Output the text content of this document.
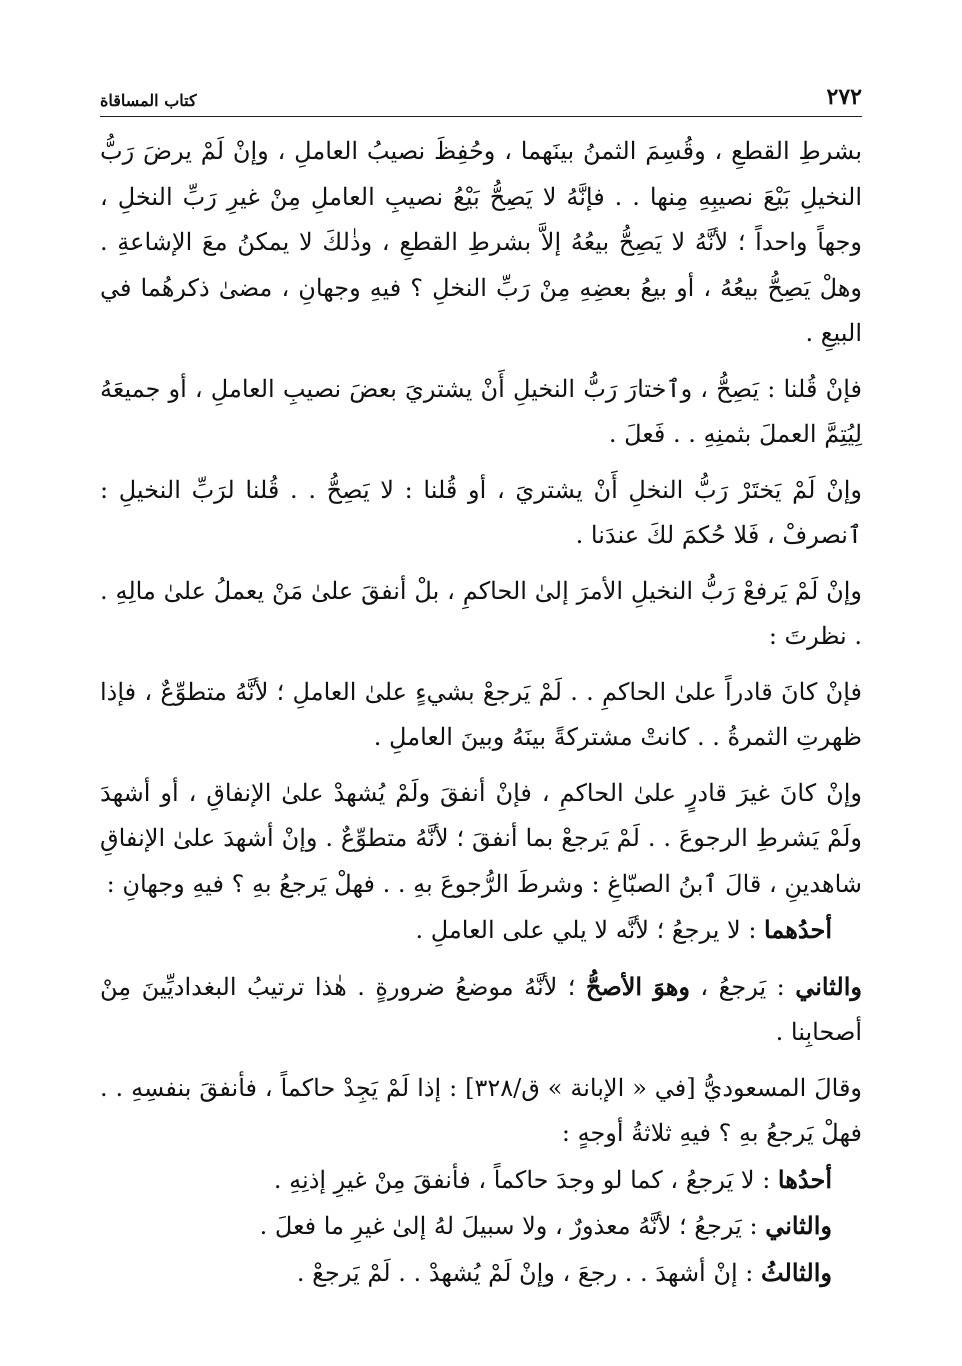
٢٧٢
كتاب المساقاة

بشرطِ القطعِ ، وقُسِمَ الثمنُ بينَهما ، وحُفِظَ نصيبُ العاملِ ، وإنْ لَمْ يرضَ رَبُّ النخيلِ بَيْعَ نصيبِهِ مِنها . . فإنَّهُ لا يَصِحُّ بَيْعُ نصيبِ العاملِ مِنْ غيرِ رَبِّ النخلِ ، وجهاً واحداً ؛ لأنَّهُ لا يَصِحُّ بيعُهُ إلاَّ بشرطِ القطعِ ، وذٰلكَ لا يمكنُ معَ الإشاعةِ . وهلْ يَصِحُّ بيعُهُ ، أو بيعُ بعضِهِ مِنْ رَبِّ النخلِ ؟ فيهِ وجهانِ ، مضىٰ ذكرهُما في البيعِ .

فإنْ قُلنا : يَصِحُّ ، وٱختارَ رَبُّ النخيلِ أَنْ يشتريَ بعضَ نصيبِ العاملِ ، أو جميعَهُ لِيُتِمَّ العملَ بثمنِهِ . . فَعلَ .

وإنْ لَمْ يَختَرْ رَبُّ النخلِ أَنْ يشتريَ ، أو قُلنا : لا يَصِحُّ . . قُلنا لرَبِّ النخيلِ : ٱنصرفْ ، فَلا حُكمَ لكَ عندَنا .

وإنْ لَمْ يَرفعْ رَبُّ النخيلِ الأمرَ إلىٰ الحاكمِ ، بلْ أنفقَ علىٰ مَنْ يعملُ علىٰ مالِهِ . . نظرتَ :

فإنْ كانَ قادراً علىٰ الحاكمِ . . لَمْ يَرجعْ بشيءٍ علىٰ العاملِ ؛ لأنَّهُ متطوِّعٌ ، فإذا ظهرتِ الثمرةُ . . كانتْ مشتركةً بينَهُ وبينَ العاملِ .

وإنْ كانَ غيرَ قادرٍ علىٰ الحاكمِ ، فإنْ أنفقَ ولَمْ يُشهدْ علىٰ الإنفاقِ ، أو أشهدَ ولَمْ يَشرطِ الرجوعَ . . لَمْ يَرجعْ بما أنفقَ ؛ لأنَّهُ متطوِّعٌ . وإنْ أشهدَ علىٰ الإنفاقِ شاهدينِ ، قالَ ٱبنُ الصبّاغِ : وشرطَ الرُّجوعَ بهِ . . فهلْ يَرجعُ بهِ ؟ فيهِ وجهانِ :

أحدُهما : لا يرجعُ ؛ لأنَّه لا يلي على العاملِ .

والثاني : يَرجعُ ، وهوَ الأصحُّ ؛ لأنَّهُ موضعُ ضرورةٍ . هٰذا ترتيبُ البغداديِّينَ مِنْ أصحابِنا .

وقالَ المسعوديُّ [في « الإبانة » ق/٣٢٨] : إذا لَمْ يَجِدْ حاكماً ، فأنفقَ بنفسِهِ . . فهلْ يَرجعُ بهِ ؟ فيهِ ثلاثةُ أوجهٍ :

أحدُها : لا يَرجعُ ، كما لو وجدَ حاكماً ، فأنفقَ مِنْ غيرِ إذنِهِ .

والثاني : يَرجعُ ؛ لأنَّهُ معذورٌ ، ولا سبيلَ لهُ إلىٰ غيرِ ما فعلَ .

والثالثُ : إنْ أشهدَ . . رجعَ ، وإنْ لَمْ يُشهدْ . . لَمْ يَرجعْ .
